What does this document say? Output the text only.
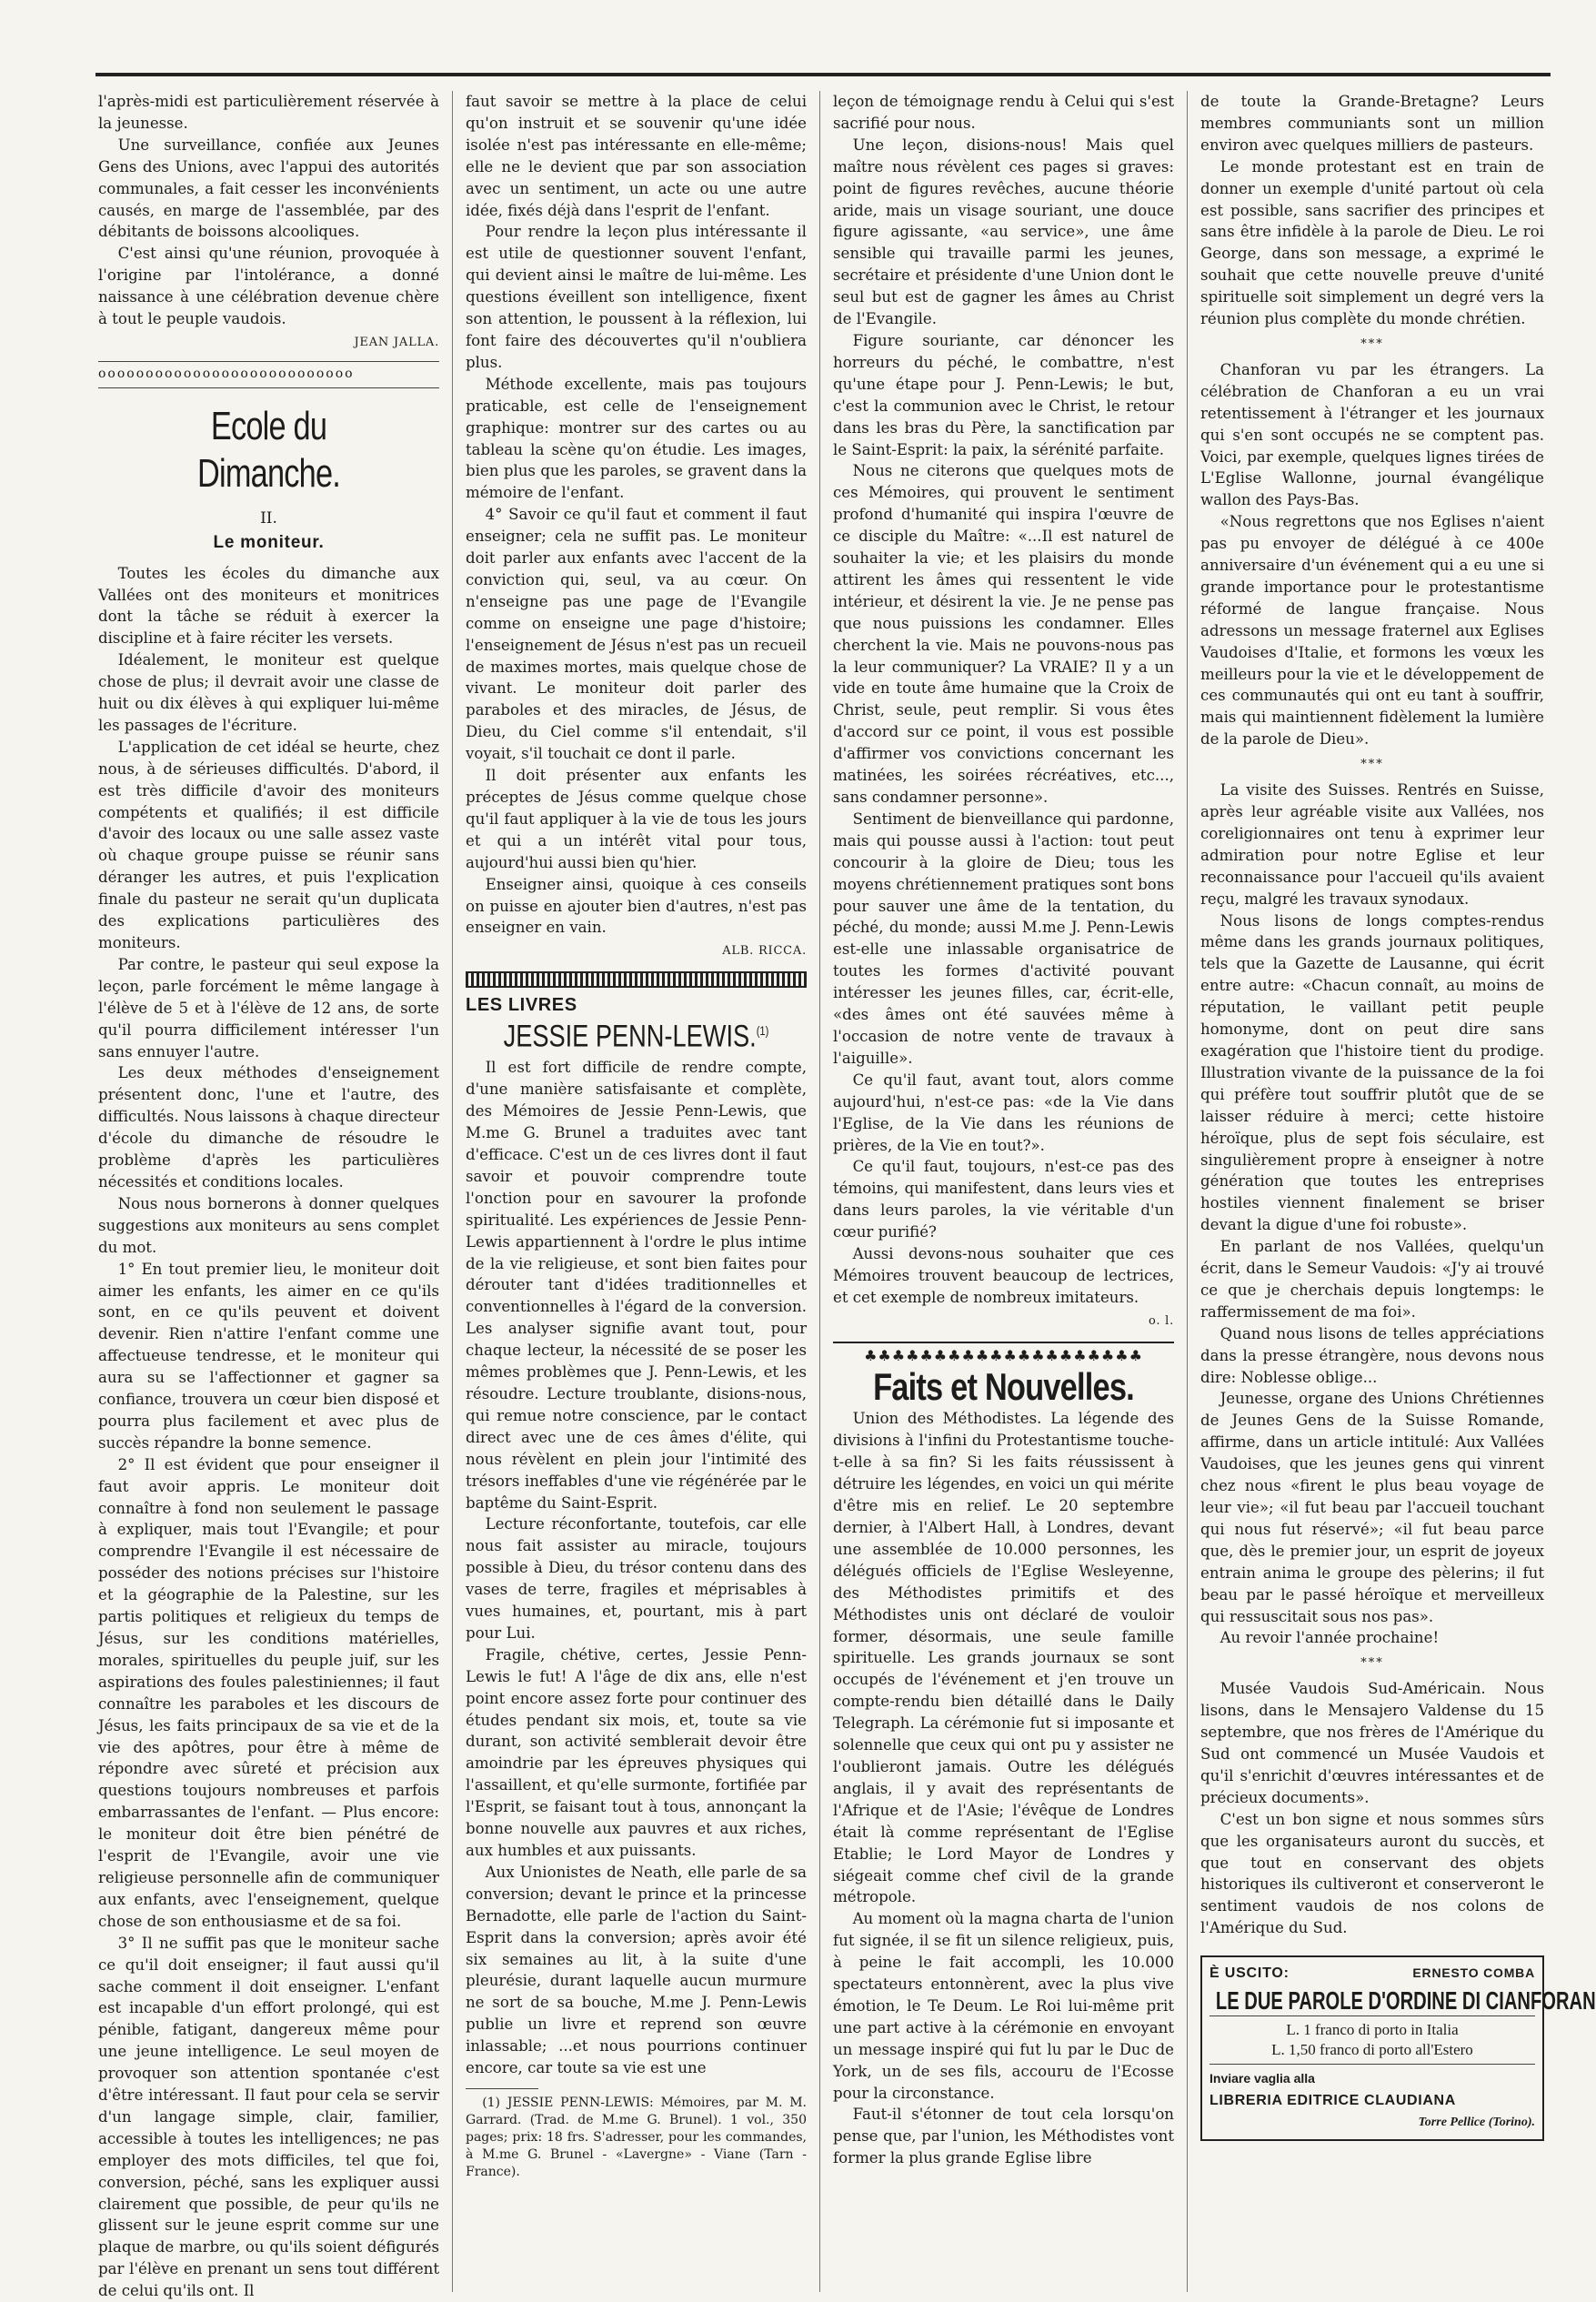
l'après-midi est particulièrement réservée à la jeunesse.

Une surveillance, confiée aux Jeunes Gens des Unions, avec l'appui des autorités communales, a fait cesser les inconvénients causés, en marge de l'assemblée, par des débitants de boissons alcooliques.

C'est ainsi qu'une réunion, provoquée à l'origine par l'intolérance, a donné naissance à une célébration devenue chère à tout le peuple vaudois.

JEAN JALLA.
ooooooooooooooooooooooooooo
Ecole du Dimanche.
II.
Le moniteur.

Toutes les écoles du dimanche aux Vallées ont des moniteurs et monitrices dont la tâche se réduit à exercer la discipline et à faire réciter les versets.

Idéalement, le moniteur est quelque chose de plus; il devrait avoir une classe de huit ou dix élèves à qui expliquer lui-même les passages de l'écriture.

L'application de cet idéal se heurte, chez nous, à de sérieuses difficultés. D'abord, il est très difficile d'avoir des moniteurs compétents et qualifiés; il est difficile d'avoir des locaux ou une salle assez vaste où chaque groupe puisse se réunir sans déranger les autres, et puis l'explication finale du pasteur ne serait qu'un duplicata des explications particulières des moniteurs.

Par contre, le pasteur qui seul expose la leçon, parle forcément le même langage à l'élève de 5 et à l'élève de 12 ans, de sorte qu'il pourra difficilement intéresser l'un sans ennuyer l'autre.

Les deux méthodes d'enseignement présentent donc, l'une et l'autre, des difficultés. Nous laissons à chaque directeur d'école du dimanche de résoudre le problème d'après les particulières nécessités et conditions locales.

Nous nous bornerons à donner quelques suggestions aux moniteurs au sens complet du mot.

1° En tout premier lieu, le moniteur doit aimer les enfants, les aimer en ce qu'ils sont, en ce qu'ils peuvent et doivent devenir. Rien n'attire l'enfant comme une affectueuse tendresse, et le moniteur qui aura su se l'affectionner et gagner sa confiance, trouvera un cœur bien disposé et pourra plus facilement et avec plus de succès répandre la bonne semence.

2° Il est évident que pour enseigner il faut avoir appris. Le moniteur doit connaître à fond non seulement le passage à expliquer, mais tout l'Evangile; et pour comprendre l'Evangile il est nécessaire de posséder des notions précises sur l'histoire et la géographie de la Palestine, sur les partis politiques et religieux du temps de Jésus, sur les conditions matérielles, morales, spirituelles du peuple juif, sur les aspirations des foules palestiniennes; il faut connaître les paraboles et les discours de Jésus, les faits principaux de sa vie et de la vie des apôtres, pour être à même de répondre avec sûreté et précision aux questions toujours nombreuses et parfois embarrassantes de l'enfant. — Plus encore: le moniteur doit être bien pénétré de l'esprit de l'Evangile, avoir une vie religieuse personnelle afin de communiquer aux enfants, avec l'enseignement, quelque chose de son enthousiasme et de sa foi.

3° Il ne suffit pas que le moniteur sache ce qu'il doit enseigner; il faut aussi qu'il sache comment il doit enseigner. L'enfant est incapable d'un effort prolongé, qui est pénible, fatigant, dangereux même pour une jeune intelligence. Le seul moyen de provoquer son attention spontanée c'est d'être intéressant. Il faut pour cela se servir d'un langage simple, clair, familier, accessible à toutes les intelligences; ne pas employer des mots difficiles, tel que foi, conversion, péché, sans les expliquer aussi clairement que possible, de peur qu'ils ne glissent sur le jeune esprit comme sur une plaque de marbre, ou qu'ils soient défigurés par l'élève en prenant un sens tout différent de celui qu'ils ont. Il

faut savoir se mettre à la place de celui qu'on instruit et se souvenir qu'une idée isolée n'est pas intéressante en elle-même; elle ne le devient que par son association avec un sentiment, un acte ou une autre idée, fixés déjà dans l'esprit de l'enfant.

Pour rendre la leçon plus intéressante il est utile de questionner souvent l'enfant, qui devient ainsi le maître de lui-même. Les questions éveillent son intelligence, fixent son attention, le poussent à la réflexion, lui font faire des découvertes qu'il n'oubliera plus.

Méthode excellente, mais pas toujours praticable, est celle de l'enseignement graphique: montrer sur des cartes ou au tableau la scène qu'on étudie. Les images, bien plus que les paroles, se gravent dans la mémoire de l'enfant.

4° Savoir ce qu'il faut et comment il faut enseigner; cela ne suffit pas. Le moniteur doit parler aux enfants avec l'accent de la conviction qui, seul, va au cœur. On n'enseigne pas une page de l'Evangile comme on enseigne une page d'histoire; l'enseignement de Jésus n'est pas un recueil de maximes mortes, mais quelque chose de vivant. Le moniteur doit parler des paraboles et des miracles, de Jésus, de Dieu, du Ciel comme s'il entendait, s'il voyait, s'il touchait ce dont il parle.

Il doit présenter aux enfants les préceptes de Jésus comme quelque chose qu'il faut appliquer à la vie de tous les jours et qui a un intérêt vital pour tous, aujourd'hui aussi bien qu'hier.

Enseigner ainsi, quoique à ces conseils on puisse en ajouter bien d'autres, n'est pas enseigner en vain.

ALB. RICCA.
LES LIVRES
JESSIE PENN-LEWIS.$^{(1)}$

Il est fort difficile de rendre compte, d'une manière satisfaisante et complète, des Mémoires de Jessie Penn-Lewis, que M.me G. Brunel a traduites avec tant d'efficace. C'est un de ces livres dont il faut savoir et pouvoir comprendre toute l'onction pour en savourer la profonde spiritualité. Les expériences de Jessie Penn-Lewis appartiennent à l'ordre le plus intime de la vie religieuse, et sont bien faites pour dérouter tant d'idées traditionnelles et conventionnelles à l'égard de la conversion. Les analyser signifie avant tout, pour chaque lecteur, la nécessité de se poser les mêmes problèmes que J. Penn-Lewis, et les résoudre. Lecture troublante, disions-nous, qui remue notre conscience, par le contact direct avec une de ces âmes d'élite, qui nous révèlent en plein jour l'intimité des trésors ineffables d'une vie régénérée par le baptême du Saint-Esprit.

Lecture réconfortante, toutefois, car elle nous fait assister au miracle, toujours possible à Dieu, du trésor contenu dans des vases de terre, fragiles et méprisables à vues humaines, et, pourtant, mis à part pour Lui.

Fragile, chétive, certes, Jessie Penn-Lewis le fut! A l'âge de dix ans, elle n'est point encore assez forte pour continuer des études pendant six mois, et, toute sa vie durant, son activité semblerait devoir être amoindrie par les épreuves physiques qui l'assaillent, et qu'elle surmonte, fortifiée par l'Esprit, se faisant tout à tous, annonçant la bonne nouvelle aux pauvres et aux riches, aux humbles et aux puissants.

Aux Unionistes de Neath, elle parle de sa conversion; devant le prince et la princesse Bernadotte, elle parle de l'action du Saint-Esprit dans la conversion; après avoir été six semaines au lit, à la suite d'une pleurésie, durant laquelle aucun murmure ne sort de sa bouche, M.me J. Penn-Lewis publie un livre et reprend son œuvre inlassable; ...et nous pourrions continuer encore, car toute sa vie est une

(1) JESSIE PENN-LEWIS: Mémoires, par M. M. Garrard. (Trad. de M.me G. Brunel). 1 vol., 350 pages; prix: 18 frs. S'adresser, pour les commandes, à M.me G. Brunel - «Lavergne» - Viane (Tarn - France).

leçon de témoignage rendu à Celui qui s'est sacrifié pour nous.

Une leçon, disions-nous! Mais quel maître nous révèlent ces pages si graves: point de figures revêches, aucune théorie aride, mais un visage souriant, une douce figure agissante, «au service», une âme sensible qui travaille parmi les jeunes, secrétaire et présidente d'une Union dont le seul but est de gagner les âmes au Christ de l'Evangile.

Figure souriante, car dénoncer les horreurs du péché, le combattre, n'est qu'une étape pour J. Penn-Lewis; le but, c'est la communion avec le Christ, le retour dans les bras du Père, la sanctification par le Saint-Esprit: la paix, la sérénité parfaite.

Nous ne citerons que quelques mots de ces Mémoires, qui prouvent le sentiment profond d'humanité qui inspira l'œuvre de ce disciple du Maître: «...Il est naturel de souhaiter la vie; et les plaisirs du monde attirent les âmes qui ressentent le vide intérieur, et désirent la vie. Je ne pense pas que nous puissions les condamner. Elles cherchent la vie. Mais ne pouvons-nous pas la leur communiquer? La VRAIE? Il y a un vide en toute âme humaine que la Croix de Christ, seule, peut remplir. Si vous êtes d'accord sur ce point, il vous est possible d'affirmer vos convictions concernant les matinées, les soirées récréatives, etc..., sans condamner personne».

Sentiment de bienveillance qui pardonne, mais qui pousse aussi à l'action: tout peut concourir à la gloire de Dieu; tous les moyens chrétiennement pratiques sont bons pour sauver une âme de la tentation, du péché, du monde; aussi M.me J. Penn-Lewis est-elle une inlassable organisatrice de toutes les formes d'activité pouvant intéresser les jeunes filles, car, écrit-elle, «des âmes ont été sauvées même à l'occasion de notre vente de travaux à l'aiguille».

Ce qu'il faut, avant tout, alors comme aujourd'hui, n'est-ce pas: «de la Vie dans l'Eglise, de la Vie dans les réunions de prières, de la Vie en tout?».

Ce qu'il faut, toujours, n'est-ce pas des témoins, qui manifestent, dans leurs vies et dans leurs paroles, la vie véritable d'un cœur purifié?

Aussi devons-nous souhaiter que ces Mémoires trouvent beaucoup de lectrices, et cet exemple de nombreux imitateurs.

o. l.
♣♣♣♣♣♣♣♣♣♣♣♣♣♣♣♣♣♣♣♣
Faits et Nouvelles.

Union des Méthodistes. La légende des divisions à l'infini du Protestantisme touche-t-elle à sa fin? Si les faits réussissent à détruire les légendes, en voici un qui mérite d'être mis en relief. Le 20 septembre dernier, à l'Albert Hall, à Londres, devant une assemblée de 10.000 personnes, les délégués officiels de l'Eglise Wesleyenne, des Méthodistes primitifs et des Méthodistes unis ont déclaré de vouloir former, désormais, une seule famille spirituelle. Les grands journaux se sont occupés de l'événement et j'en trouve un compte-rendu bien détaillé dans le Daily Telegraph. La cérémonie fut si imposante et solennelle que ceux qui ont pu y assister ne l'oublieront jamais. Outre les délégués anglais, il y avait des représentants de l'Afrique et de l'Asie; l'évêque de Londres était là comme représentant de l'Eglise Etablie; le Lord Mayor de Londres y siégeait comme chef civil de la grande métropole.

Au moment où la magna charta de l'union fut signée, il se fit un silence religieux, puis, à peine le fait accompli, les 10.000 spectateurs entonnèrent, avec la plus vive émotion, le Te Deum. Le Roi lui-même prit une part active à la cérémonie en envoyant un message inspiré qui fut lu par le Duc de York, un de ses fils, accouru de l'Ecosse pour la circonstance.

Faut-il s'étonner de tout cela lorsqu'on pense que, par l'union, les Méthodistes vont former la plus grande Eglise libre

de toute la Grande-Bretagne? Leurs membres communiants sont un million environ avec quelques milliers de pasteurs.

Le monde protestant est en train de donner un exemple d'unité partout où cela est possible, sans sacrifier des principes et sans être infidèle à la parole de Dieu. Le roi George, dans son message, a exprimé le souhait que cette nouvelle preuve d'unité spirituelle soit simplement un degré vers la réunion plus complète du monde chrétien.

***

Chanforan vu par les étrangers. La célébration de Chanforan a eu un vrai retentissement à l'étranger et les journaux qui s'en sont occupés ne se comptent pas. Voici, par exemple, quelques lignes tirées de L'Eglise Wallonne, journal évangélique wallon des Pays-Bas.

«Nous regrettons que nos Eglises n'aient pas pu envoyer de délégué à ce 400e anniversaire d'un événement qui a eu une si grande importance pour le protestantisme réformé de langue française. Nous adressons un message fraternel aux Eglises Vaudoises d'Italie, et formons les vœux les meilleurs pour la vie et le développement de ces communautés qui ont eu tant à souffrir, mais qui maintiennent fidèlement la lumière de la parole de Dieu».

***

La visite des Suisses. Rentrés en Suisse, après leur agréable visite aux Vallées, nos coreligionnaires ont tenu à exprimer leur admiration pour notre Eglise et leur reconnaissance pour l'accueil qu'ils avaient reçu, malgré les travaux synodaux.

Nous lisons de longs comptes-rendus même dans les grands journaux politiques, tels que la Gazette de Lausanne, qui écrit entre autre: «Chacun connaît, au moins de réputation, le vaillant petit peuple homonyme, dont on peut dire sans exagération que l'histoire tient du prodige. Illustration vivante de la puissance de la foi qui préfère tout souffrir plutôt que de se laisser réduire à merci; cette histoire héroïque, plus de sept fois séculaire, est singulièrement propre à enseigner à notre génération que toutes les entreprises hostiles viennent finalement se briser devant la digue d'une foi robuste».

En parlant de nos Vallées, quelqu'un écrit, dans le Semeur Vaudois: «J'y ai trouvé ce que je cherchais depuis longtemps: le raffermissement de ma foi».

Quand nous lisons de telles appréciations dans la presse étrangère, nous devons nous dire: Noblesse oblige...

Jeunesse, organe des Unions Chrétiennes de Jeunes Gens de la Suisse Romande, affirme, dans un article intitulé: Aux Vallées Vaudoises, que les jeunes gens qui vinrent chez nous «firent le plus beau voyage de leur vie»; «il fut beau par l'accueil touchant qui nous fut réservé»; «il fut beau parce que, dès le premier jour, un esprit de joyeux entrain anima le groupe des pèlerins; il fut beau par le passé héroïque et merveilleux qui ressuscitait sous nos pas».

Au revoir l'année prochaine!

***

Musée Vaudois Sud-Américain. Nous lisons, dans le Mensajero Valdense du 15 septembre, que nos frères de l'Amérique du Sud ont commencé un Musée Vaudois et qu'il s'enrichit d'œuvres intéressantes et de précieux documents».

C'est un bon signe et nous sommes sûrs que les organisateurs auront du succès, et que tout en conservant des objets historiques ils cultiveront et conserveront le sentiment vaudois de nos colons de l'Amérique du Sud.

È USCITO:	ERNESTO COMBA
LE DUE PAROLE D'ORDINE DI CIANFORAN
L. 1 franco di porto in Italia
L. 1,50 franco di porto all'Estero
Inviare vaglia alla
LIBRERIA EDITRICE CLAUDIANA
Torre Pellice (Torino).
